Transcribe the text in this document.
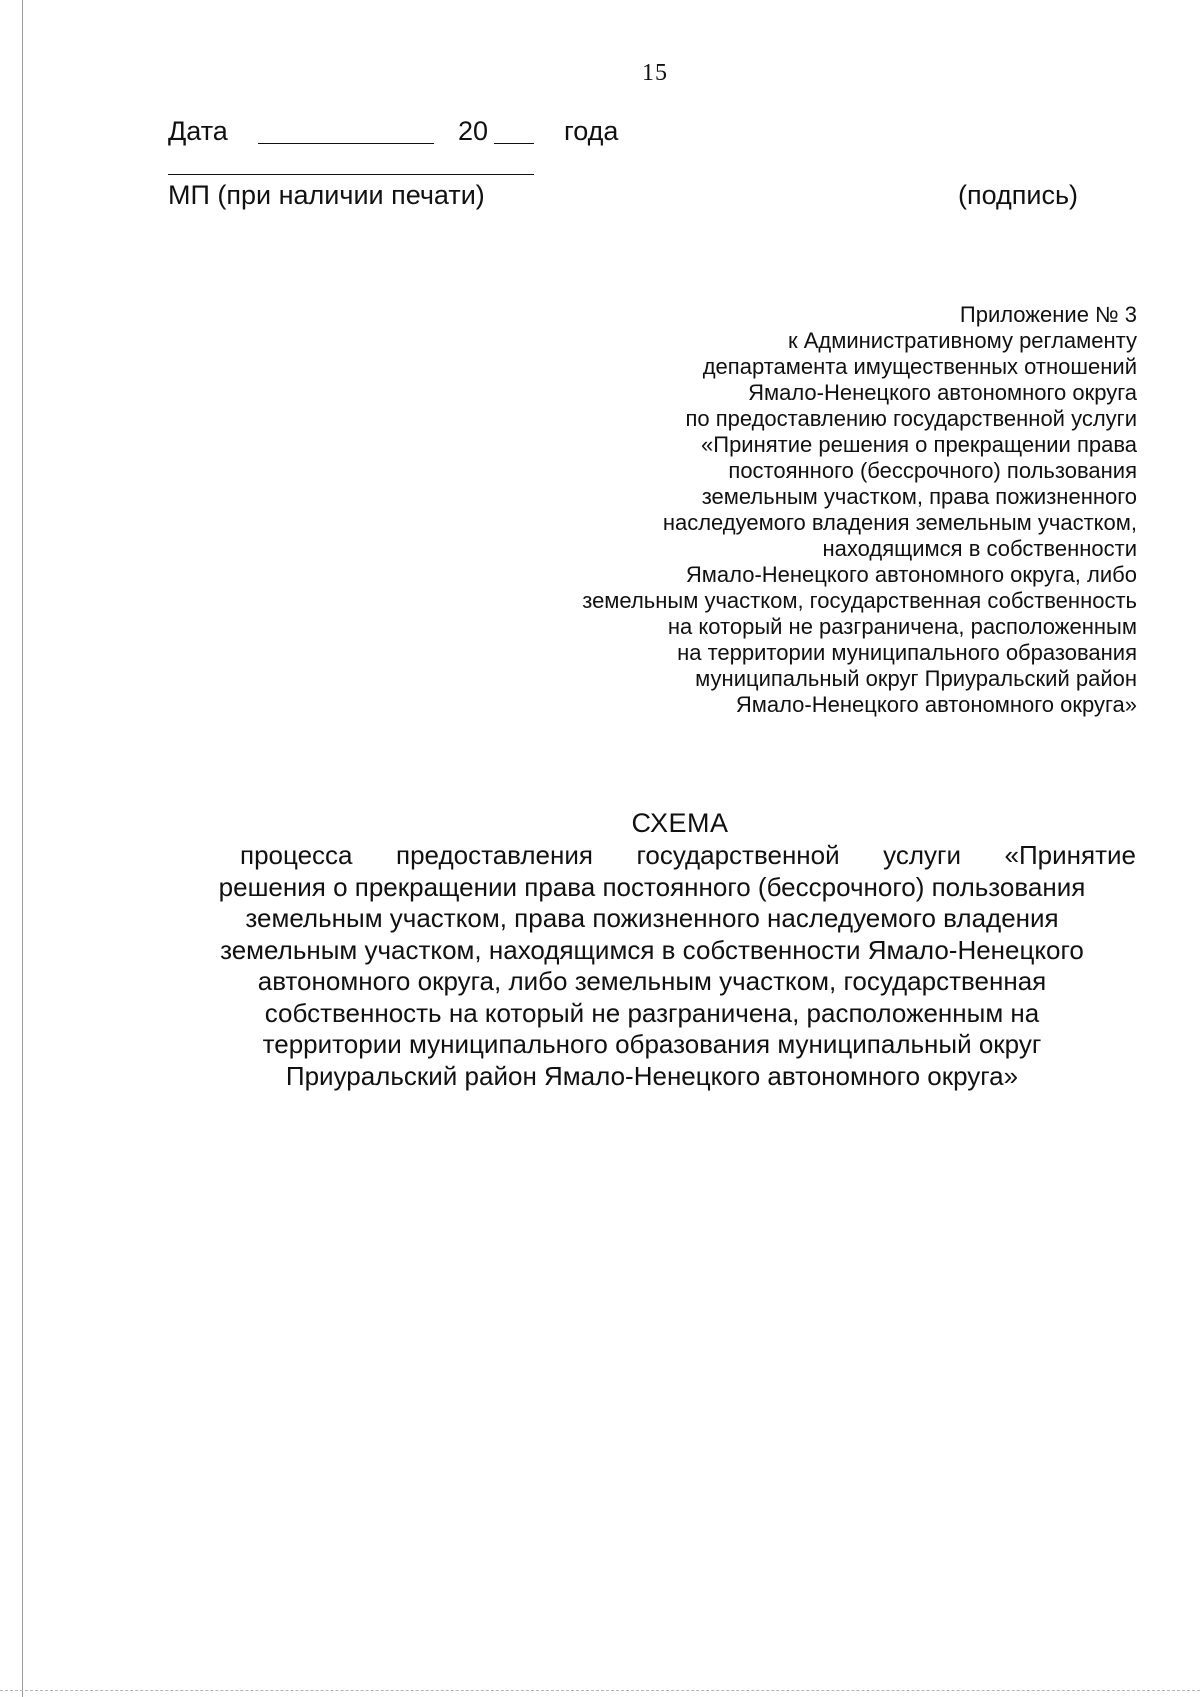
15
Дата	20	года
МП (при наличии печати)	(подпись)
Приложение № 3
к Административному регламенту
департамента имущественных отношений
Ямало-Ненецкого автономного округа
по предоставлению государственной услуги
«Принятие решения о прекращении права
постоянного (бессрочного) пользования
земельным участком, права пожизненного
наследуемого владения земельным участком,
находящимся в собственности
Ямало-Ненецкого автономного округа, либо
земельным участком, государственная собственность
на который не разграничена, расположенным
на территории муниципального образования
муниципальный округ Приуральский район
Ямало-Ненецкого автономного округа»
СХЕМА
процесса предоставления государственной услуги «Принятие
решения о прекращении права постоянного (бессрочного) пользования
земельным участком, права пожизненного наследуемого владения
земельным участком, находящимся в собственности Ямало-Ненецкого
автономного округа, либо земельным участком, государственная
собственность на который не разграничена, расположенным на
территории муниципального образования муниципальный округ
Приуральский район Ямало-Ненецкого автономного округа»
